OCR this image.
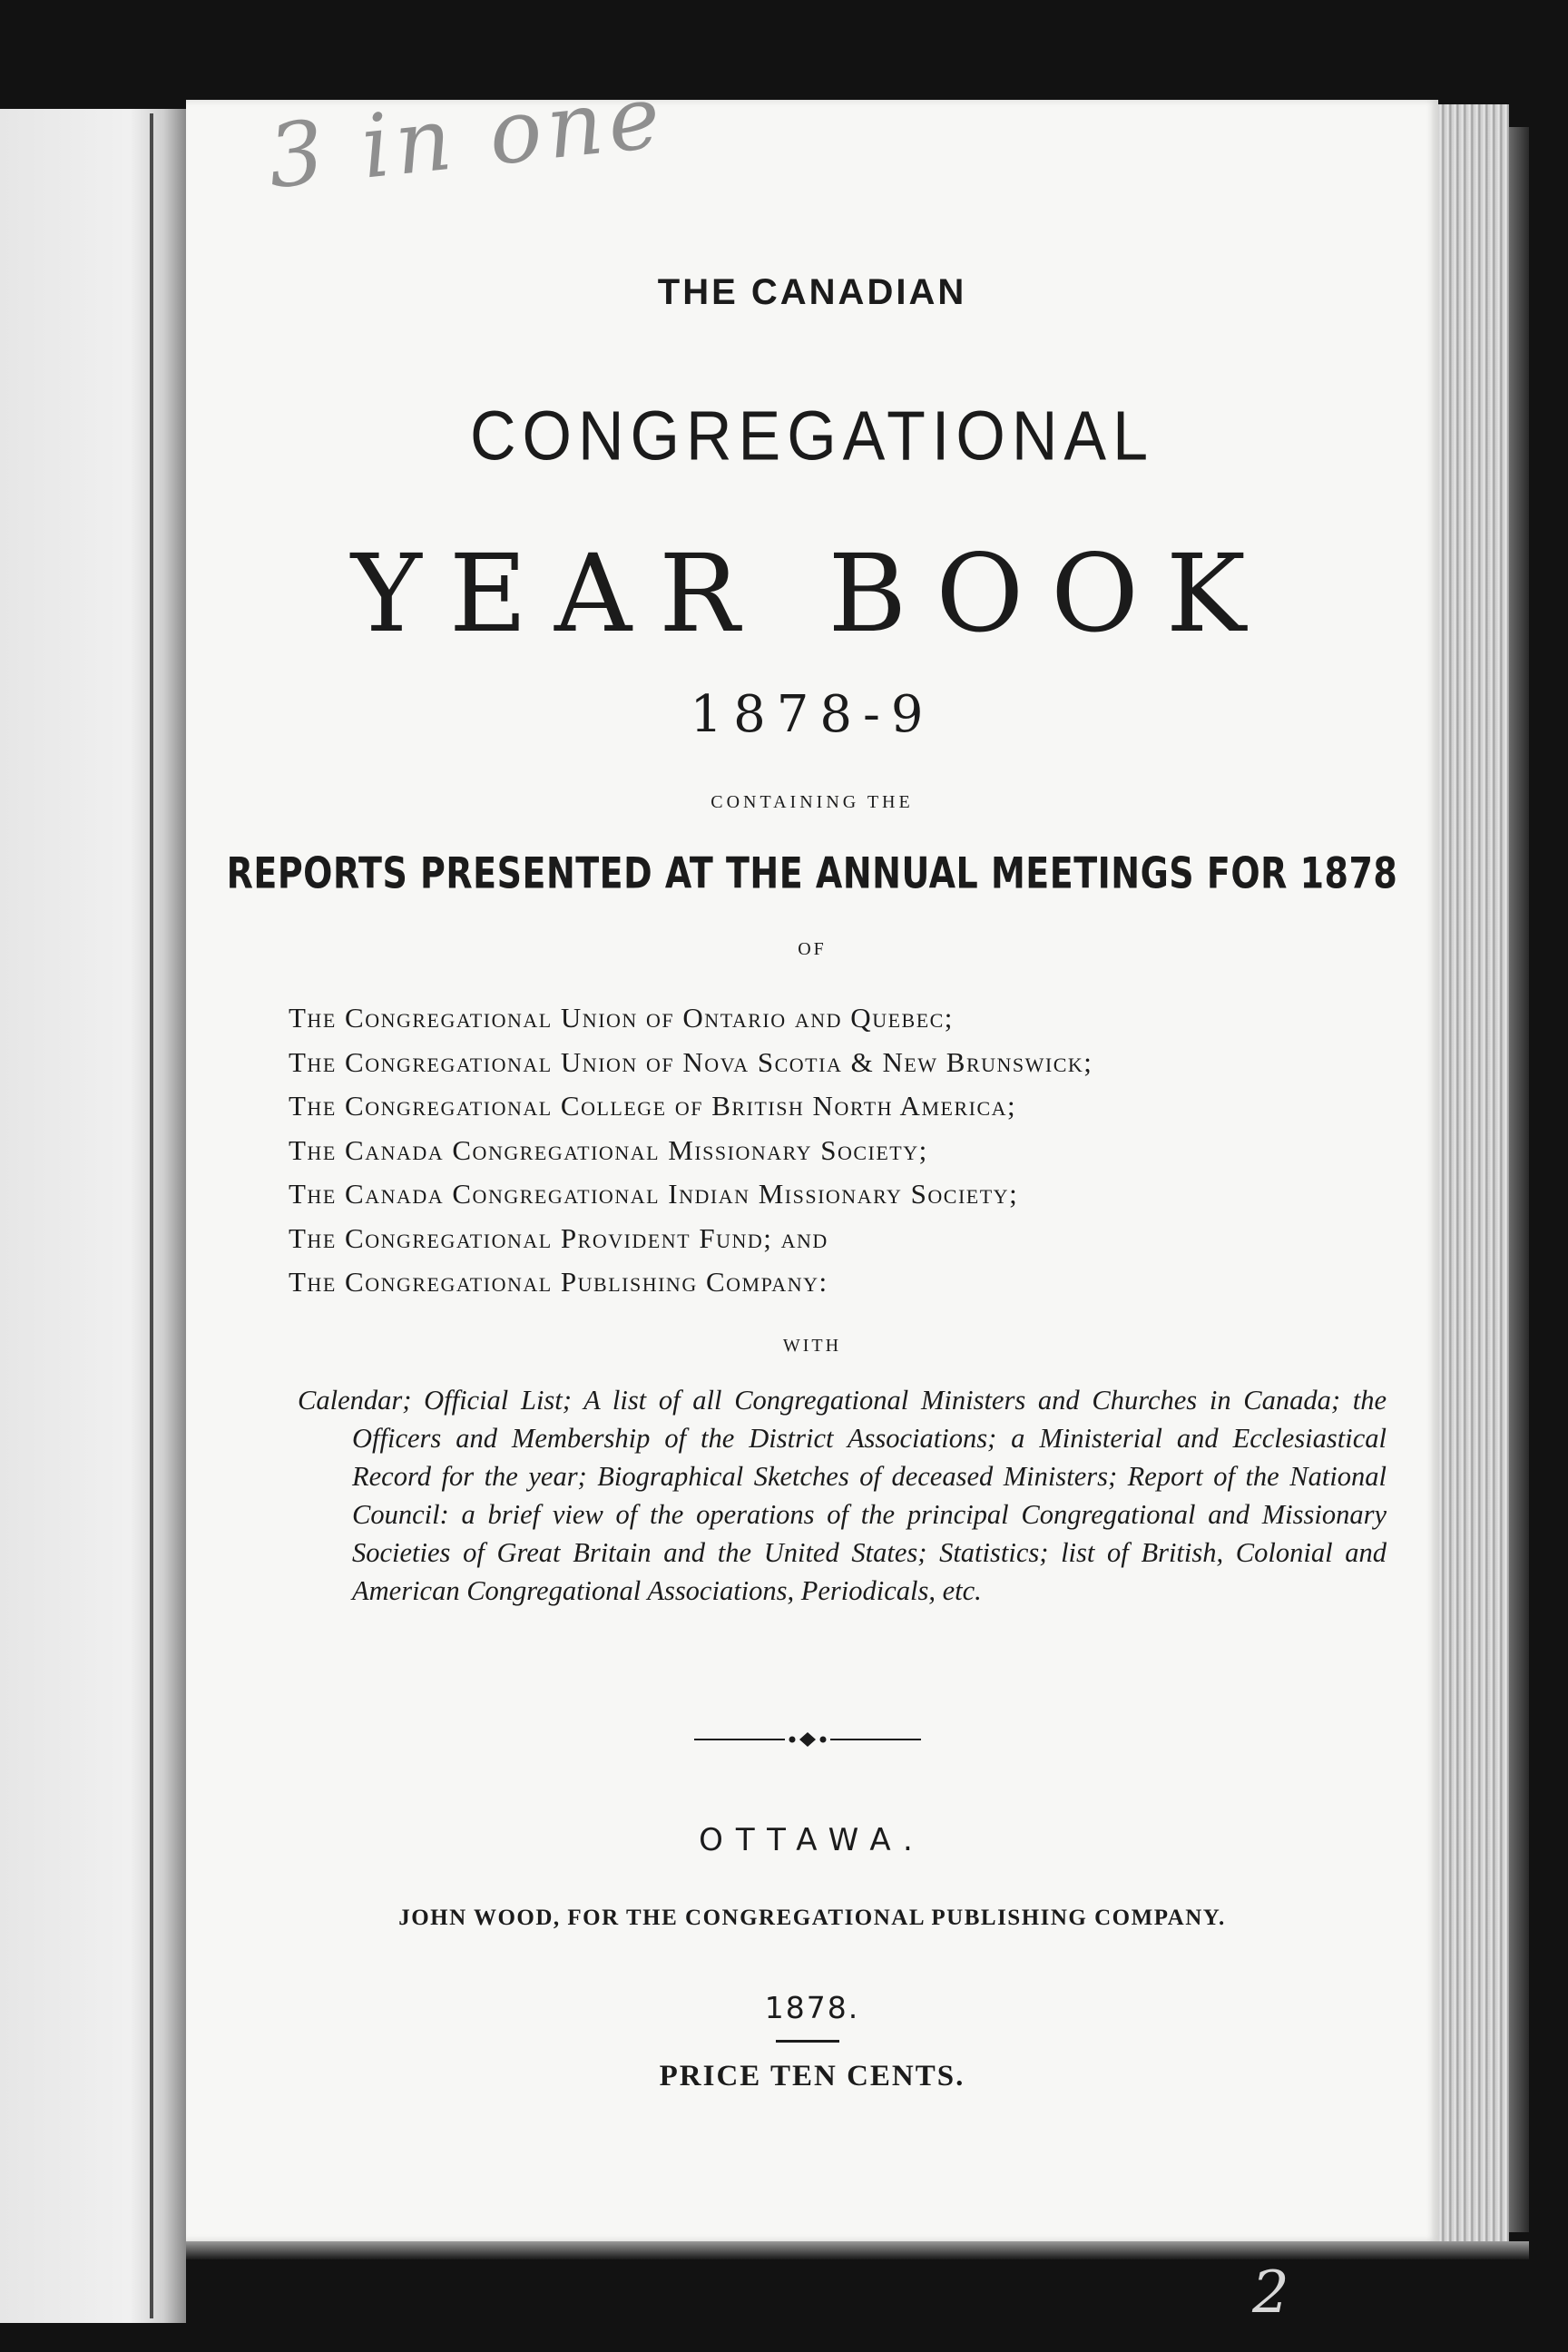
3 in one
THE CANADIAN
CONGREGATIONAL
YEAR BOOK
1878-9
CONTAINING THE
REPORTS PRESENTED AT THE ANNUAL MEETINGS FOR 1878
OF
The Congregational Union of Ontario and Quebec;
The Congregational Union of Nova Scotia & New Brunswick;
The Congregational College of British North America;
The Canada Congregational Missionary Society;
The Canada Congregational Indian Missionary Society;
The Congregational Provident Fund; and
The Congregational Publishing Company:
WITH
Calendar; Official List; A list of all Congregational Ministers and Churches in Canada; the Officers and Membership of the District Associations; a Ministerial and Ecclesiastical Record for the year; Biographical Sketches of deceased Ministers; Report of the National Council: a brief view of the operations of the principal Congregational and Missionary Societies of Great Britain and the United States; Statistics; list of British, Colonial and American Congregational Associations, Periodicals, etc.
OTTAWA.
JOHN WOOD, FOR THE CONGREGATIONAL PUBLISHING COMPANY.
1878.
PRICE TEN CENTS.
2
